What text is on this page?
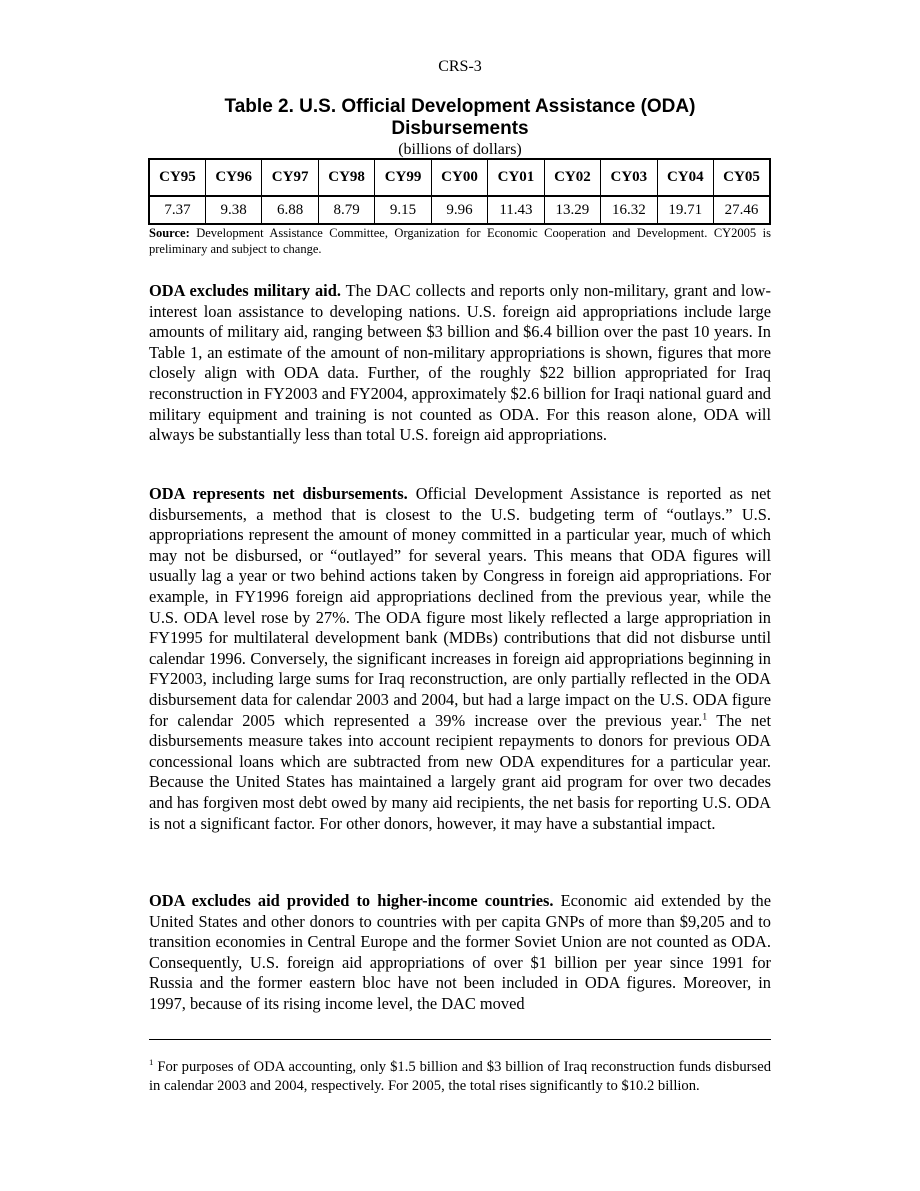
CRS-3
Table 2. U.S. Official Development Assistance (ODA)
Disbursements
(billions of dollars)
CY95	CY96	CY97	CY98	CY99	CY00	CY01	CY02	CY03	CY04	CY05
7.37	9.38	6.88	8.79	9.15	9.96	11.43	13.29	16.32	19.71	27.46
Source: Development Assistance Committee, Organization for Economic Cooperation and Development. CY2005 is preliminary and subject to change.

ODA excludes military aid. The DAC collects and reports only non-military, grant and low-interest loan assistance to developing nations. U.S. foreign aid appropriations include large amounts of military aid, ranging between $3 billion and $6.4 billion over the past 10 years. In Table 1, an estimate of the amount of non-military appropriations is shown, figures that more closely align with ODA data. Further, of the roughly $22 billion appropriated for Iraq reconstruction in FY2003 and FY2004, approximately $2.6 billion for Iraqi national guard and military equipment and training is not counted as ODA. For this reason alone, ODA will always be substantially less than total U.S. foreign aid appropriations.

ODA represents net disbursements. Official Development Assistance is reported as net disbursements, a method that is closest to the U.S. budgeting term of “outlays.” U.S. appropriations represent the amount of money committed in a particular year, much of which may not be disbursed, or “outlayed” for several years. This means that ODA figures will usually lag a year or two behind actions taken by Congress in foreign aid appropriations. For example, in FY1996 foreign aid appropriations declined from the previous year, while the U.S. ODA level rose by 27%. The ODA figure most likely reflected a large appropriation in FY1995 for multilateral development bank (MDBs) contributions that did not disburse until calendar 1996. Conversely, the significant increases in foreign aid appropriations beginning in FY2003, including large sums for Iraq reconstruction, are only partially reflected in the ODA disbursement data for calendar 2003 and 2004, but had a large impact on the U.S. ODA figure for calendar 2005 which represented a 39% increase over the previous year.$^1$ The net disbursements measure takes into account recipient repayments to donors for previous ODA concessional loans which are subtracted from new ODA expenditures for a particular year. Because the United States has maintained a largely grant aid program for over two decades and has forgiven most debt owed by many aid recipients, the net basis for reporting U.S. ODA is not a significant factor. For other donors, however, it may have a substantial impact.

ODA excludes aid provided to higher-income countries. Economic aid extended by the United States and other donors to countries with per capita GNPs of more than $9,205 and to transition economies in Central Europe and the former Soviet Union are not counted as ODA. Consequently, U.S. foreign aid appropriations of over $1 billion per year since 1991 for Russia and the former eastern bloc have not been included in ODA figures. Moreover, in 1997, because of its rising income level, the DAC moved

$^1$ For purposes of ODA accounting, only $1.5 billion and $3 billion of Iraq reconstruction funds disbursed in calendar 2003 and 2004, respectively. For 2005, the total rises significantly to $10.2 billion.
